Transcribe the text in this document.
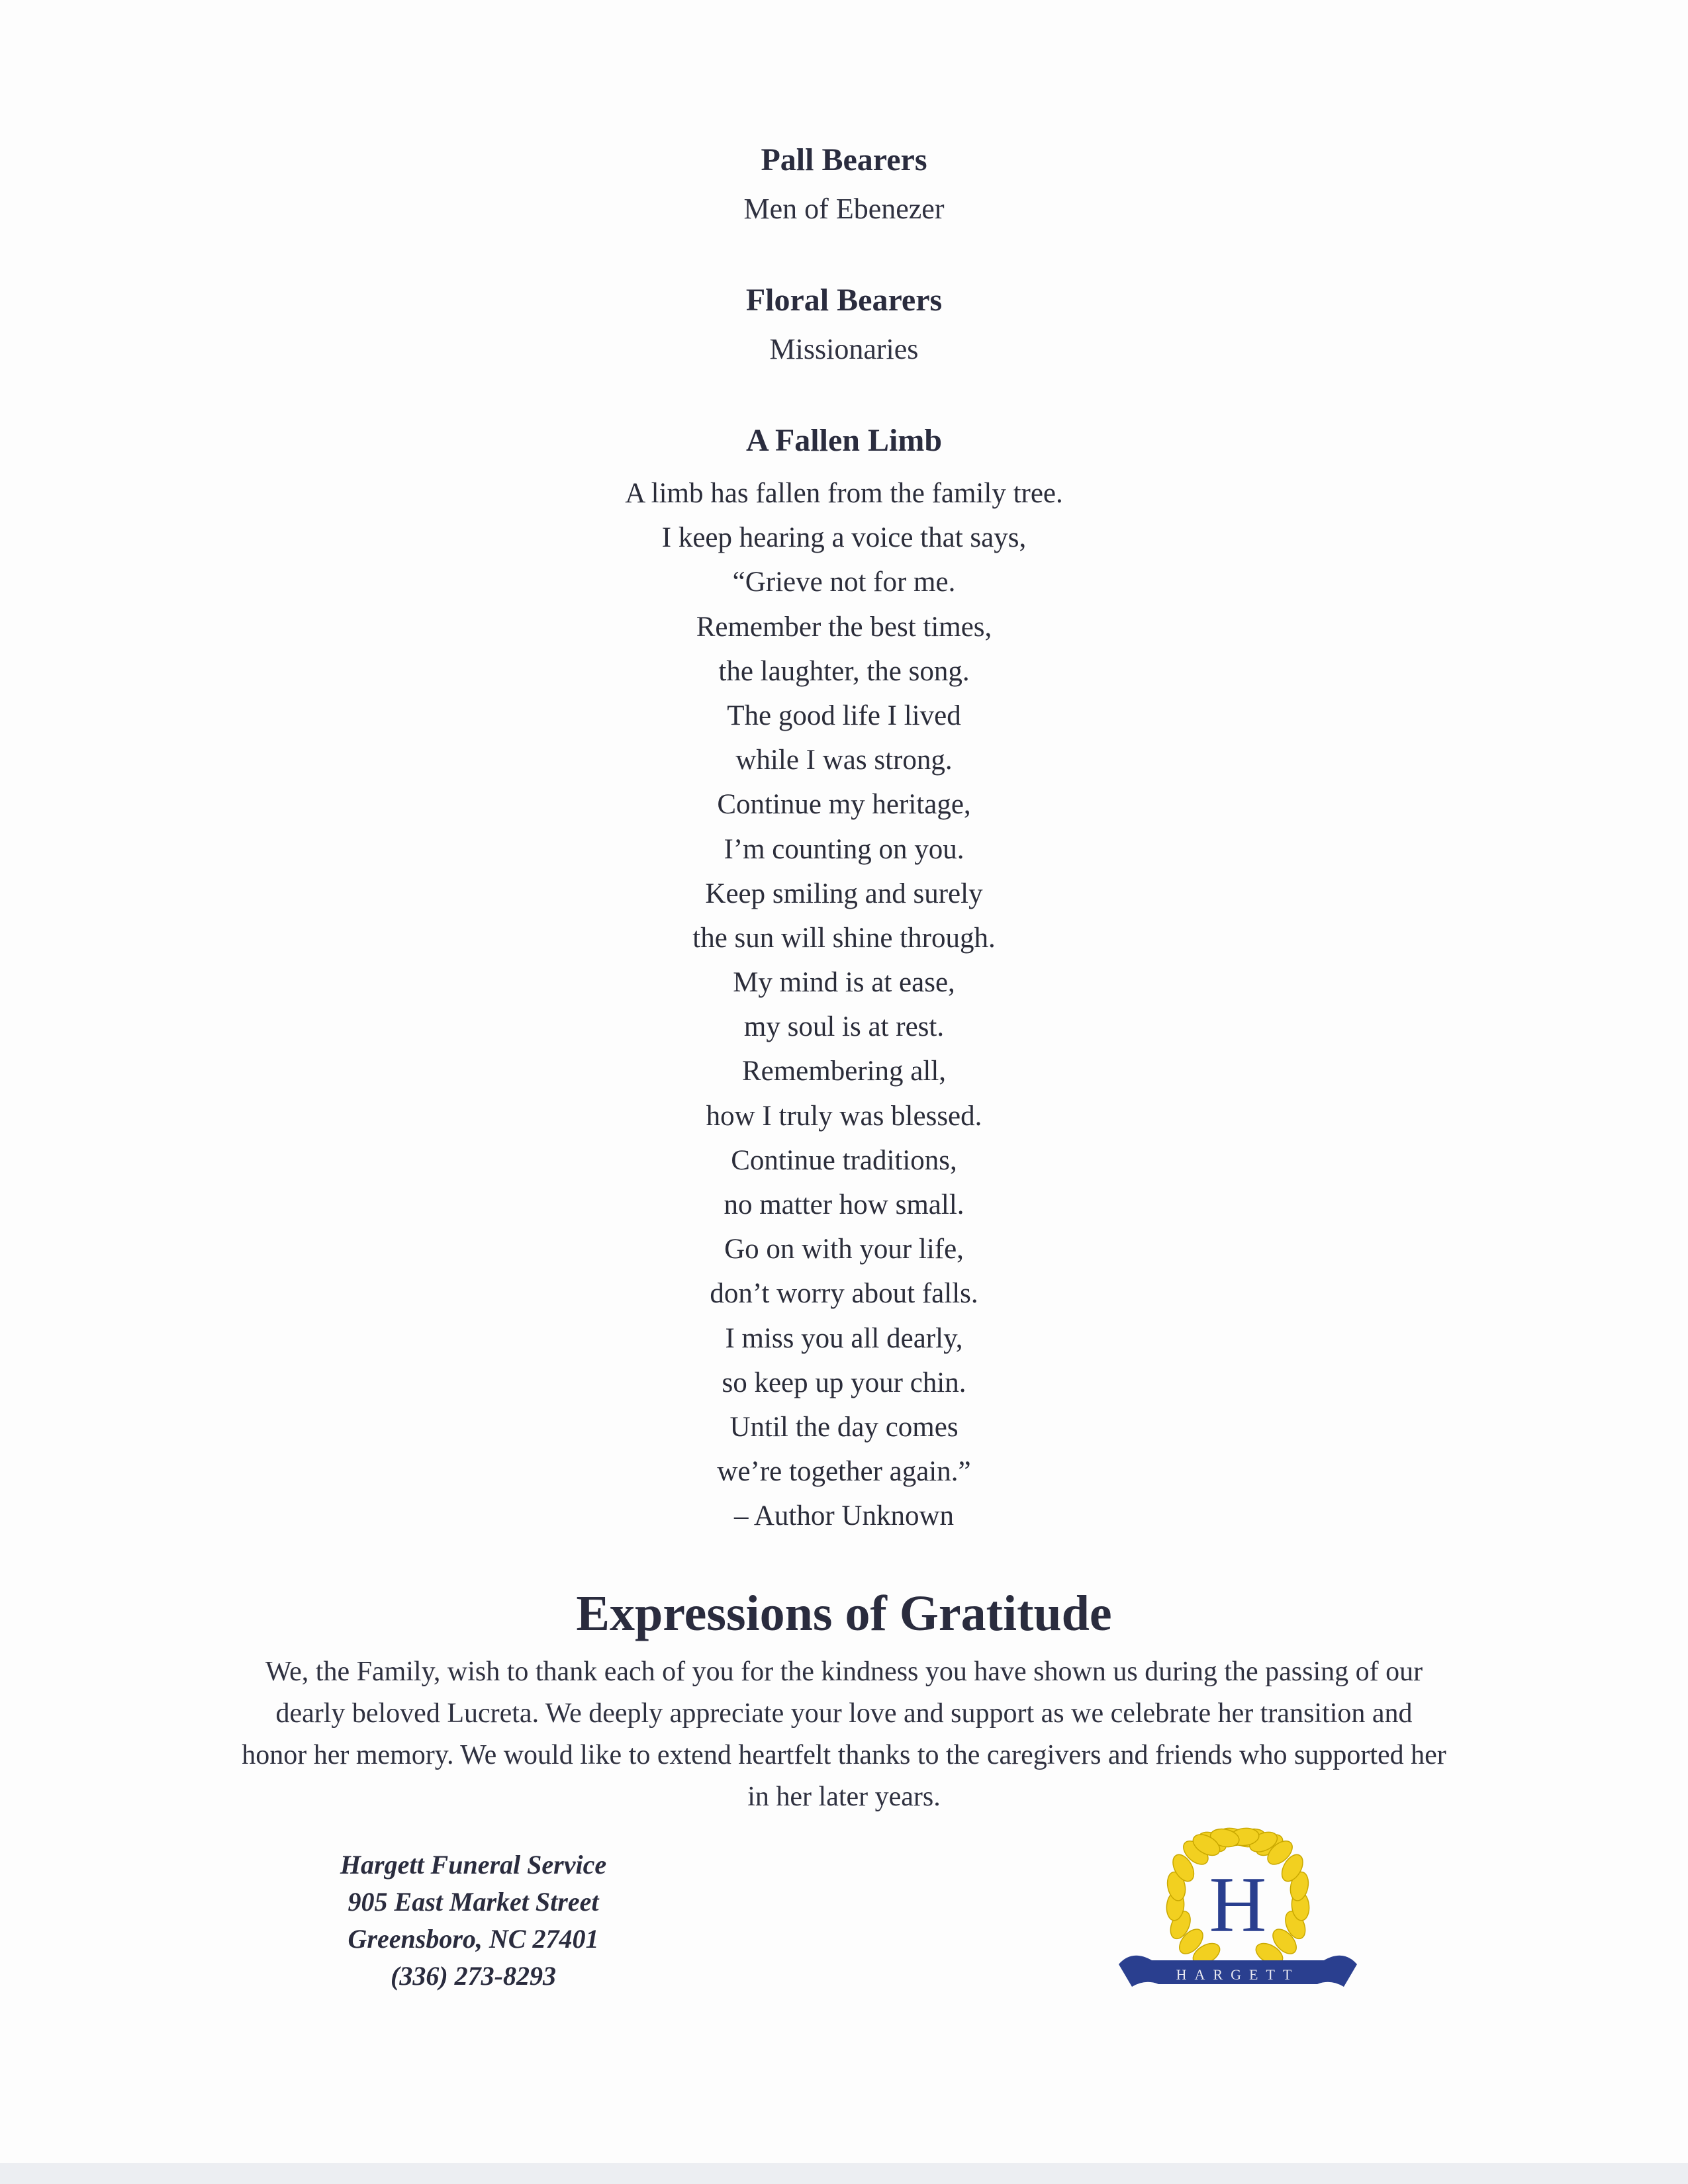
Pall Bearers
Men of Ebenezer
Floral Bearers
Missionaries
A Fallen Limb
A limb has fallen from the family tree.
I keep hearing a voice that says,
“Grieve not for me.
Remember the best times,
the laughter, the song.
The good life I lived
while I was strong.
Continue my heritage,
I’m counting on you.
Keep smiling and surely
the sun will shine through.
My mind is at ease,
my soul is at rest.
Remembering all,
how I truly was blessed.
Continue traditions,
no matter how small.
Go on with your life,
don’t worry about falls.
I miss you all dearly,
so keep up your chin.
Until the day comes
we’re together again.”
– Author Unknown
Expressions of Gratitude
We, the Family, wish to thank each of you for the kindness you have shown us during the passing of our
dearly beloved Lucreta. We deeply appreciate your love and support as we celebrate her transition and
honor her memory. We would like to extend heartfelt thanks to the caregivers and friends who supported her
in her later years.
Hargett Funeral Service
905 East Market Street
Greensboro, NC 27401
(336) 273-8293
H
HARGETT
